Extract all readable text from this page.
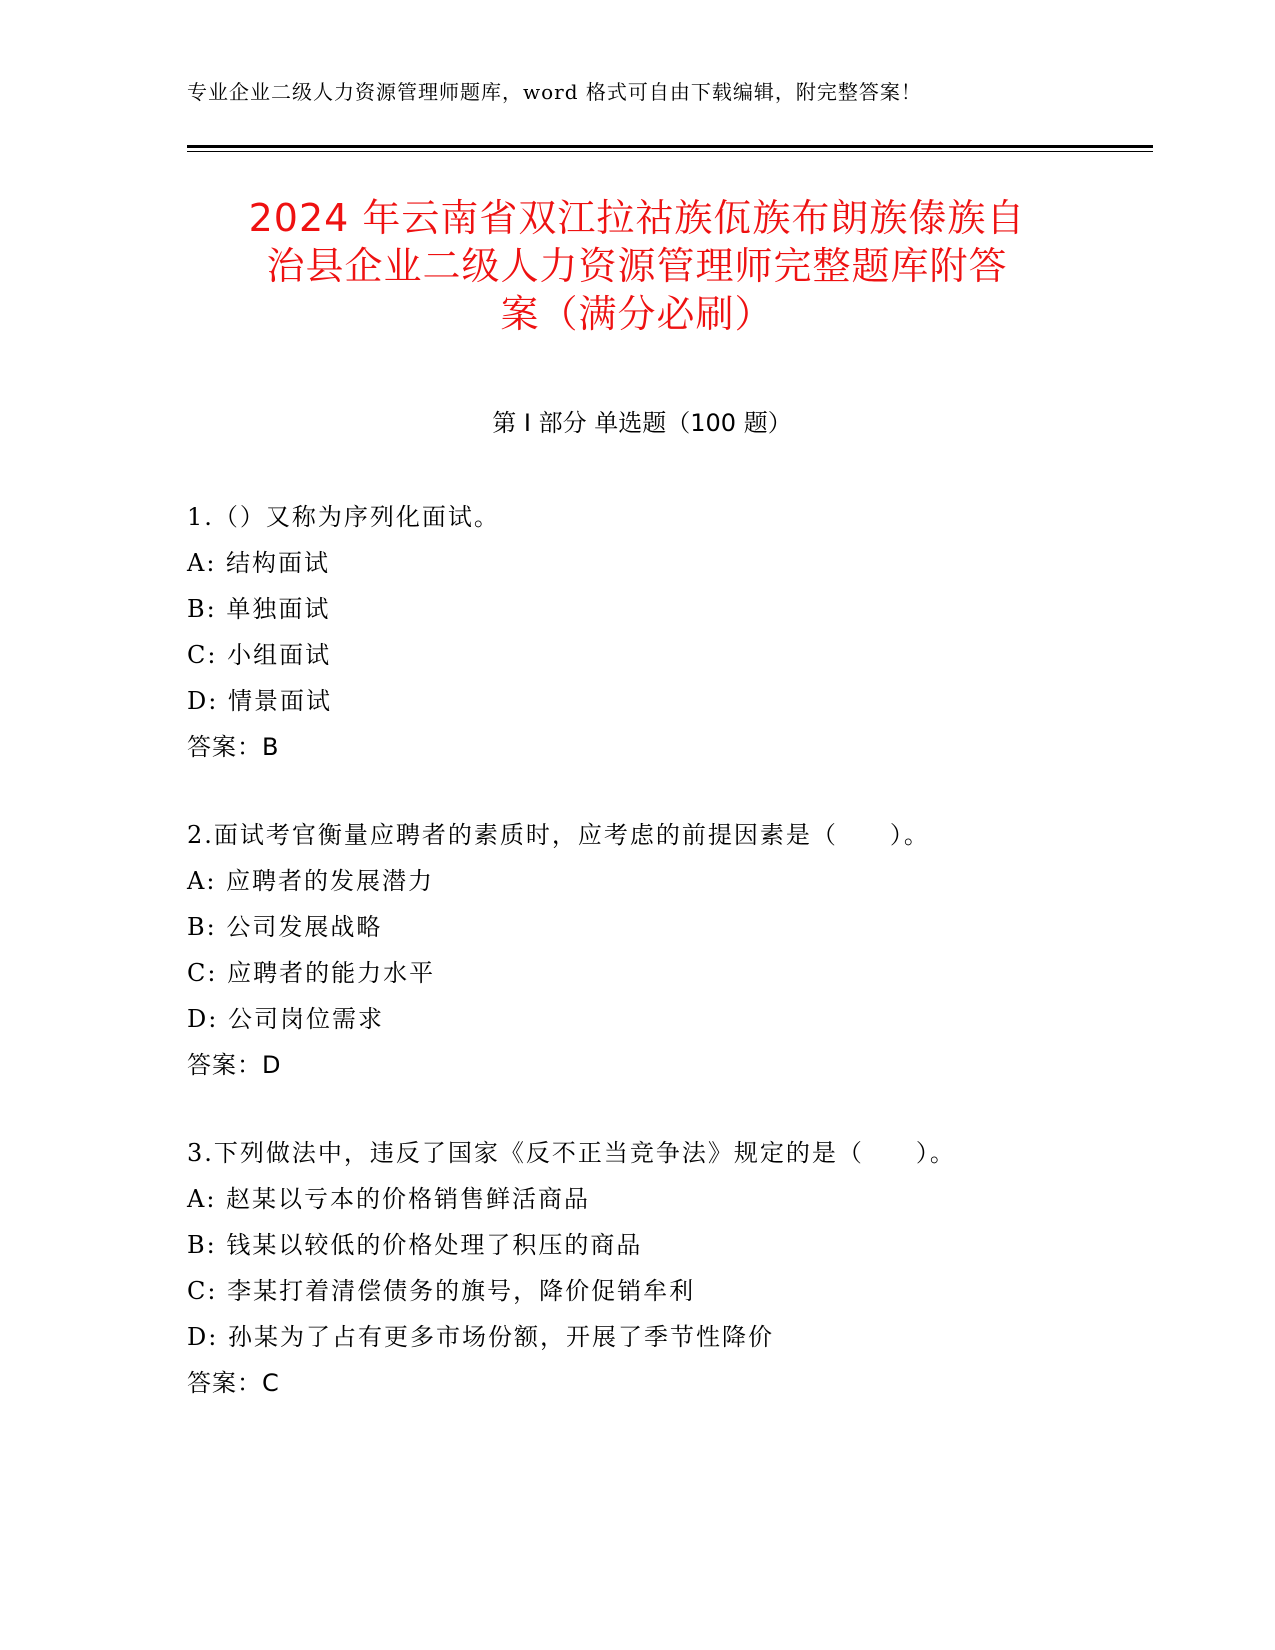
专业企业二级人力资源管理师题库，word 格式可自由下载编辑，附完整答案！
2024 年云南省双江拉祜族佤族布朗族傣族自
治县企业二级人力资源管理师完整题库附答
案（满分必刷）
第 I 部分 单选题（100 题）
1.（）又称为序列化面试。
A: 结构面试
B: 单独面试
C: 小组面试
D: 情景面试
答案：B
2.面试考官衡量应聘者的素质时，应考虑的前提因素是（　　）。
A: 应聘者的发展潜力
B: 公司发展战略
C: 应聘者的能力水平
D: 公司岗位需求
答案：D
3.下列做法中，违反了国家《反不正当竞争法》规定的是（　　）。
A: 赵某以亏本的价格销售鲜活商品
B: 钱某以较低的价格处理了积压的商品
C: 李某打着清偿债务的旗号，降价促销牟利
D: 孙某为了占有更多市场份额，开展了季节性降价
答案：C
